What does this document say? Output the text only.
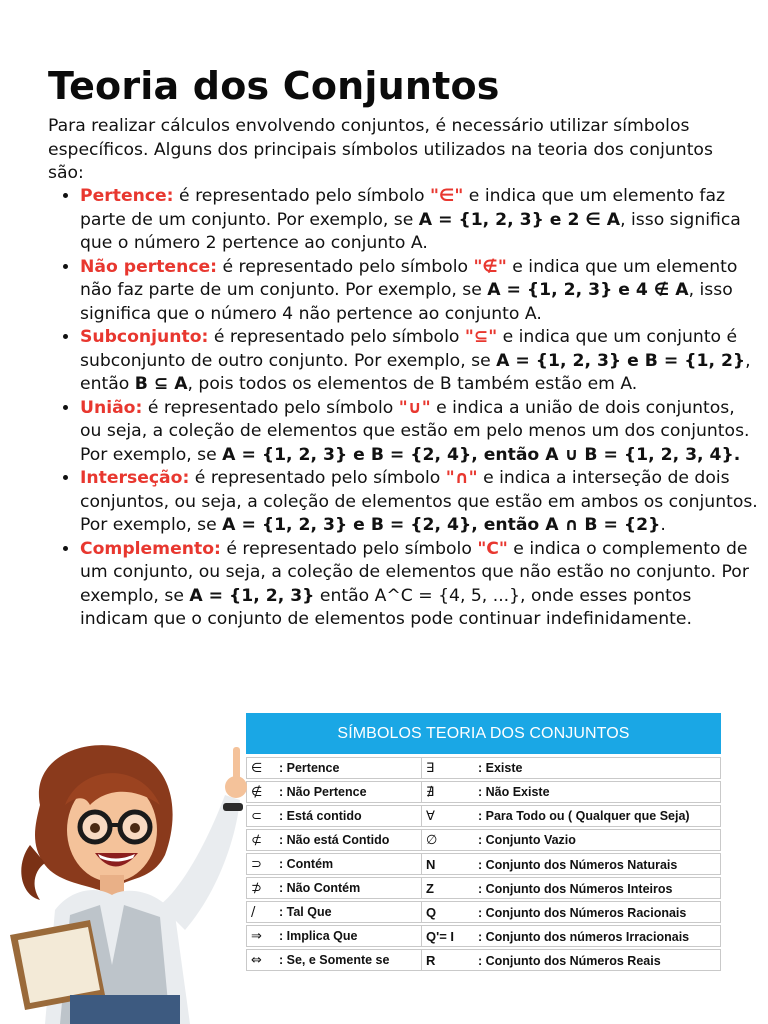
Teoria dos Conjuntos

Para realizar cálculos envolvendo conjuntos, é necessário utilizar símbolos específicos. Alguns dos principais símbolos utilizados na teoria dos conjuntos são:

• Pertence: é representado pelo símbolo "∈" e indica que um elemento faz parte de um conjunto. Por exemplo, se A = {1, 2, 3} e 2 ∈ A, isso significa que o número 2 pertence ao conjunto A.
• Não pertence: é representado pelo símbolo "∉" e indica que um elemento não faz parte de um conjunto. Por exemplo, se A = {1, 2, 3} e 4 ∉ A, isso significa que o número 4 não pertence ao conjunto A.
• Subconjunto: é representado pelo símbolo "⊆" e indica que um conjunto é subconjunto de outro conjunto. Por exemplo, se A = {1, 2, 3} e B = {1, 2}, então B ⊆ A, pois todos os elementos de B também estão em A.
• União: é representado pelo símbolo "∪" e indica a união de dois conjuntos, ou seja, a coleção de elementos que estão em pelo menos um dos conjuntos. Por exemplo, se A = {1, 2, 3} e B = {2, 4}, então A ∪ B = {1, 2, 3, 4}.
• Interseção: é representado pelo símbolo "∩" e indica a interseção de dois conjuntos, ou seja, a coleção de elementos que estão em ambos os conjuntos. Por exemplo, se A = {1, 2, 3} e B = {2, 4}, então A ∩ B = {2}.
• Complemento: é representado pelo símbolo "C" e indica o complemento de um conjunto, ou seja, a coleção de elementos que não estão no conjunto. Por exemplo, se A = {1, 2, 3} então A^C = {4, 5, ...}, onde esses pontos indicam que o conjunto de elementos pode continuar indefinidamente.
SÍMBOLOS TEORIA DOS CONJUNTOS
∈ : Pertence	∃ : Existe
∉ : Não Pertence	∄ : Não Existe
⊂ : Está contido	∀ : Para Todo ou ( Qualquer que Seja)
⊄ : Não está Contido	∅ : Conjunto Vazio
⊃ : Contém	N : Conjunto dos Números Naturais
⊅ : Não Contém	Z : Conjunto dos Números Inteiros
/ : Tal Que	Q : Conjunto dos Números Racionais
⇒ : Implica Que	Q'= I : Conjunto dos números Irracionais
⇔ : Se, e Somente se	R : Conjunto dos Números Reais
